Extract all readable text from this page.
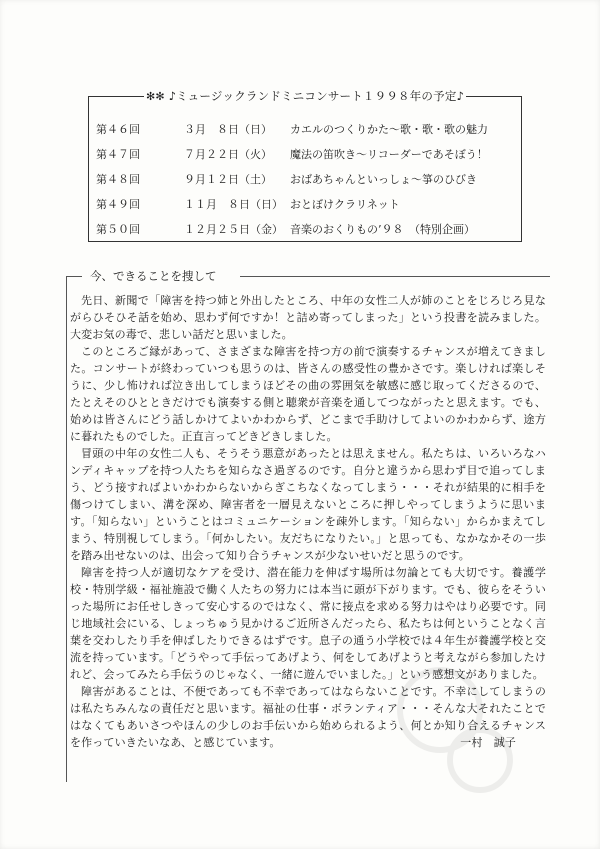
✻✻ ♪ミュージックランドミニコンサート１９９８年の予定♪
第４６回	３月　８日（日） カエルのつくりかた～歌・歌・歌の魅力
第４７回	７月２２日（火） 魔法の笛吹き～リコーダーであそぼう！
第４８回	９月１２日（土） おばあちゃんといっしょ～箏のひびき
第４９回	１１月　８日（日） おとぼけクラリネット
第５０回	１２月２５日（金） 音楽のおくりもの’９８　（特別企画）
今、できることを捜して

先日、新聞で「障害を持つ姉と外出したところ、中年の女性二人が姉のことをじろじろ見ながらひそひそ話を始め、思わず何ですか！と詰め寄ってしまった」という投書を読みました。大変お気の毒で、悲しい話だと思いました。

このところご縁があって、さまざまな障害を持つ方の前で演奏するチャンスが増えてきました。コンサートが終わっていつも思うのは、皆さんの感受性の豊かさです。楽しければ楽しそうに、少し怖ければ泣き出してしまうほどその曲の雰囲気を敏感に感じ取ってくださるので、たとえそのひとときだけでも演奏する側と聴衆が音楽を通してつながったと思えます。でも、始めは皆さんにどう話しかけてよいかわからず、どこまで手助けしてよいのかわからず、途方に暮れたものでした。正直言ってどきどきしました。

冒頭の中年の女性二人も、そうそう悪意があったとは思えません。私たちは、いろいろなハンディキャップを持つ人たちを知らなさ過ぎるのです。自分と違うから思わず目で追ってしまう、どう接すればよいかわからないからぎこちなくなってしまう・・・それが結果的に相手を傷つけてしまい、溝を深め、障害者を一層見えないところに押しやってしまうように思います。「知らない」ということはコミュニケーションを疎外します。「知らない」からかまえてしまう、特別視してしまう。「何かしたい。友だちになりたい。」と思っても、なかなかその一歩を踏み出せないのは、出会って知り合うチャンスが少ないせいだと思うのです。

障害を持つ人が適切なケアを受け、潜在能力を伸ばす場所は勿論とても大切です。養護学校・特別学級・福祉施設で働く人たちの努力には本当に頭が下がります。でも、彼らをそういった場所にお任せしきって安心するのではなく、常に接点を求める努力はやはり必要です。同じ地域社会にいる、しょっちゅう見かけるご近所さんだったら、私たちは何ということなく言葉を交わしたり手を伸ばしたりできるはずです。息子の通う小学校では４年生が養護学校と交流を持っています。「どうやって手伝ってあげよう、何をしてあげようと考えながら参加したけれど、会ってみたら手伝うのじゃなく、一緒に遊んでいました。」という感想文がありました。

障害があることは、不便であっても不幸であってはならないことです。不幸にしてしまうのは私たちみんなの責任だと思います。福祉の仕事・ボランティア・・・そんな大それたことではなくてもあいさつやほんの少しのお手伝いから始められるよう、何とか知り合えるチャンスを作っていきたいなあ、と感じています。	一村　誠子
